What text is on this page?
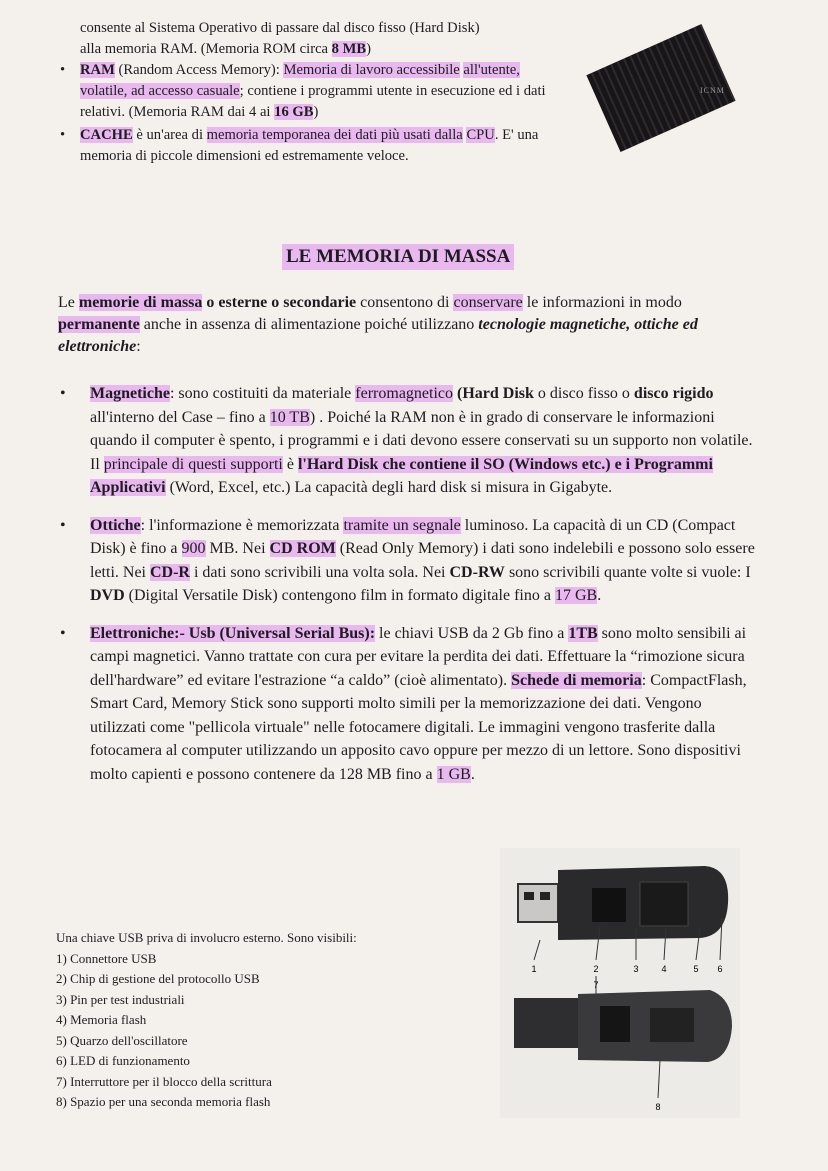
consente al Sistema Operativo di passare dal disco fisso (Hard Disk)
alla memoria RAM. (Memoria ROM circa 8 MB)
• RAM (Random Access Memory): Memoria di lavoro accessibile all'utente, volatile, ad accesso casuale; contiene i programmi utente in esecuzione ed i dati relativi. (Memoria RAM dai 4 ai 16 GB)
• CACHE è un'area di memoria temporanea dei dati più usati dalla CPU. E' una memoria di piccole dimensioni ed estremamente veloce.
ICNM
LE MEMORIA DI MASSA
Le memorie di massa o esterne o secondarie consentono di conservare le informazioni in modo permanente anche in assenza di alimentazione poiché utilizzano tecnologie magnetiche, ottiche ed elettroniche:
• Magnetiche: sono costituiti da materiale ferromagnetico (Hard Disk o disco fisso o disco rigido all'interno del Case – fino a 10 TB) . Poiché la RAM non è in grado di conservare le informazioni quando il computer è spento, i programmi e i dati devono essere conservati su un supporto non volatile. Il principale di questi supporti è l'Hard Disk che contiene il SO (Windows etc.) e i Programmi Applicativi (Word, Excel, etc.) La capacità degli hard disk si misura in Gigabyte.
• Ottiche: l'informazione è memorizzata tramite un segnale luminoso. La capacità di un CD (Compact Disk) è fino a 900 MB. Nei CD ROM (Read Only Memory) i dati sono indelebili e possono solo essere letti. Nei CD-R i dati sono scrivibili una volta sola. Nei CD-RW sono scrivibili quante volte si vuole: I DVD (Digital Versatile Disk) contengono film in formato digitale fino a 17 GB.
• Elettroniche:- Usb (Universal Serial Bus): le chiavi USB da 2 Gb fino a 1TB sono molto sensibili ai campi magnetici. Vanno trattate con cura per evitare la perdita dei dati. Effettuare la “rimozione sicura dell'hardware” ed evitare l'estrazione “a caldo” (cioè alimentato). Schede di memoria: CompactFlash, Smart Card, Memory Stick sono supporti molto simili per la memorizzazione dei dati. Vengono utilizzati come "pellicola virtuale" nelle fotocamere digitali. Le immagini vengono trasferite dalla fotocamera al computer utilizzando un apposito cavo oppure per mezzo di un lettore. Sono dispositivi molto capienti e possono contenere da 128 MB fino a 1 GB.
Una chiave USB priva di involucro esterno. Sono visibili:
1) Connettore USB
2) Chip di gestione del protocollo USB
3) Pin per test industriali
4) Memoria flash
5) Quarzo dell'oscillatore
6) LED di funzionamento
7) Interruttore per il blocco della scrittura
8) Spazio per una seconda memoria flash
1	2	3	4	5 6
7
8
